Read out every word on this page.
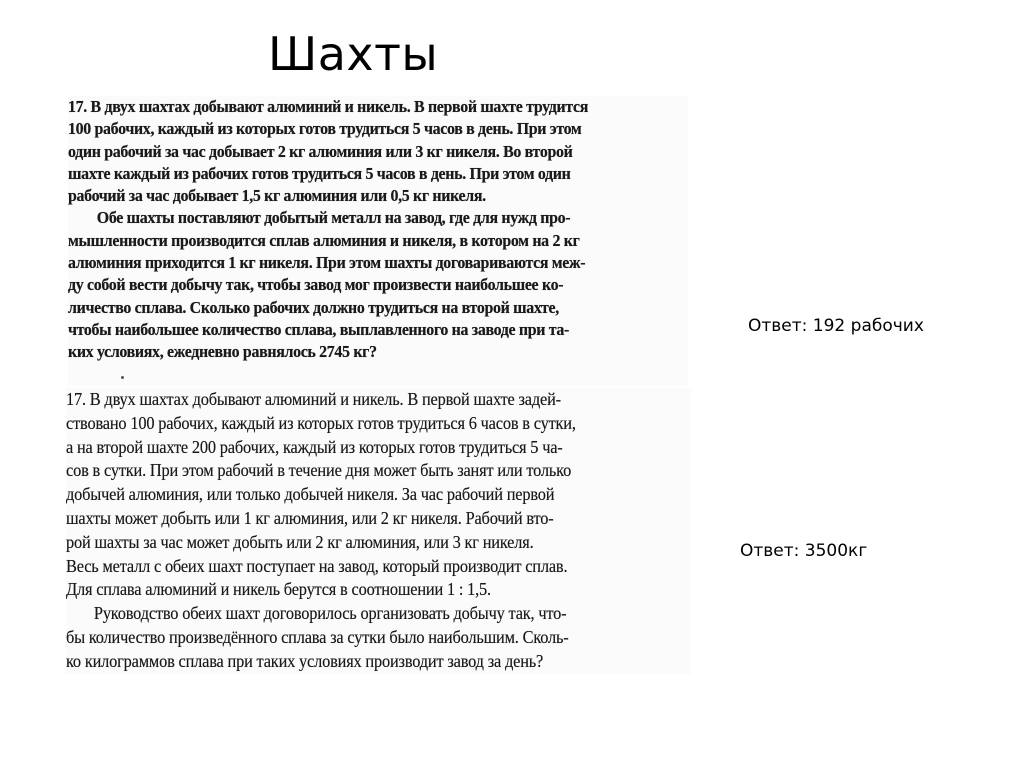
Шахты
17. В двух шахтах добывают алюминий и никель. В первой шахте трудится
100 рабочих, каждый из которых готов трудиться 5 часов в день. При этом
один рабочий за час добывает 2 кг алюминия или 3 кг никеля. Во второй
шахте каждый из рабочих готов трудиться 5 часов в день. При этом один
рабочий за час добывает 1,5 кг алюминия или 0,5 кг никеля.
Обе шахты поставляют добытый металл на завод, где для нужд про-
мышленности производится сплав алюминия и никеля, в котором на 2 кг
алюминия приходится 1 кг никеля. При этом шахты договариваются меж-
ду собой вести добычу так, чтобы завод мог произвести наибольшее ко-
личество сплава. Сколько рабочих должно трудиться на второй шахте,
чтобы наибольшее количество сплава, выплавленного на заводе при та-
ких условиях, ежедневно равнялось 2745 кг?
17. В двух шахтах добывают алюминий и никель. В первой шахте задей-
ствовано 100 рабочих, каждый из которых готов трудиться 6 часов в сутки,
а на второй шахте 200 рабочих, каждый из которых готов трудиться 5 ча-
сов в сутки. При этом рабочий в течение дня может быть занят или только
добычей алюминия, или только добычей никеля. За час рабочий первой
шахты может добыть или 1 кг алюминия, или 2 кг никеля. Рабочий вто-
рой шахты за час может добыть или 2 кг алюминия, или 3 кг никеля.
Весь металл с обеих шахт поступает на завод, который производит сплав.
Для сплава алюминий и никель берутся в соотношении 1 : 1,5.
Руководство обеих шахт договорилось организовать добычу так, что-
бы количество произведённого сплава за сутки было наибольшим. Сколь-
ко килограммов сплава при таких условиях производит завод за день?
Ответ: 192 рабочих
Ответ: 3500кг
